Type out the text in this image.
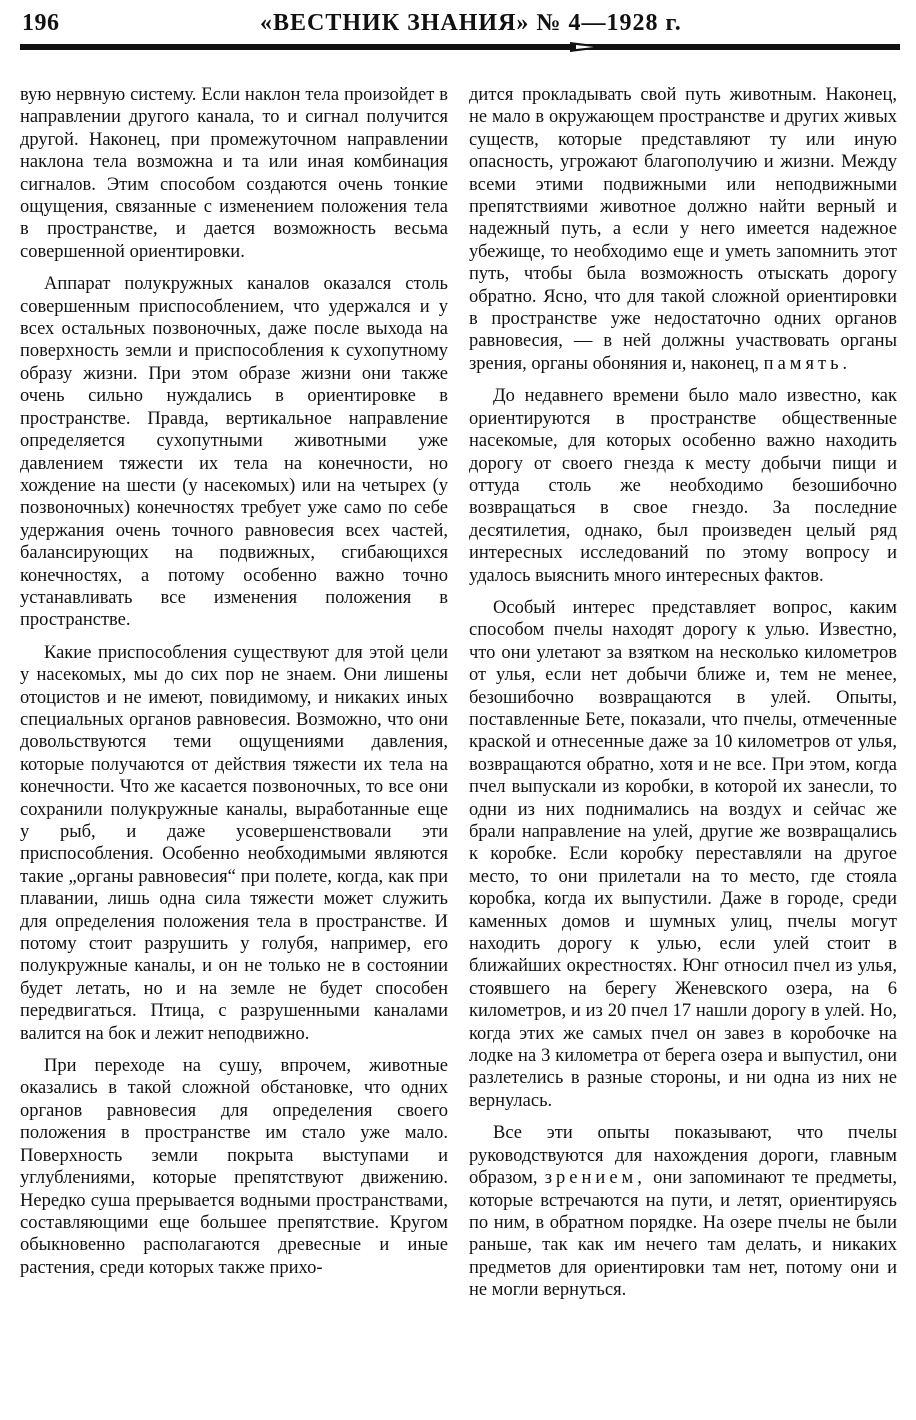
196	«ВЕСТНИК ЗНАНИЯ» № 4—1928 г.

вую нервную систему. Если наклон тела произойдет в направлении другого канала, то и сигнал получится другой. Наконец, при промежуточном направлении наклона тела возможна и та или иная комбинация сигналов. Этим способом создаются очень тонкие ощущения, связанные с изменением положения тела в пространстве, и дается возможность весьма совершенной ориентировки.

Аппарат полукружных каналов оказался столь совершенным приспособлением, что удержался и у всех остальных позвоночных, даже после выхода на поверхность земли и приспособления к сухопутному образу жизни. При этом образе жизни они также очень сильно нуждались в ориентировке в пространстве. Правда, вертикальное направление определяется сухопутными животными уже давлением тяжести их тела на конечности, но хождение на шести (у насекомых) или на четырех (у позвоночных) конечностях требует уже само по себе удержания очень точного равновесия всех частей, балансирующих на подвижных, сгибающихся конечностях, а потому особенно важно точно устанавливать все изменения положения в пространстве.

Какие приспособления существуют для этой цели у насекомых, мы до сих пор не знаем. Они лишены отоцистов и не имеют, повидимому, и никаких иных специальных органов равновесия. Возможно, что они довольствуются теми ощущениями давления, которые получаются от действия тяжести их тела на конечности. Что же касается позвоночных, то все они сохранили полукружные каналы, выработанные еще у рыб, и даже усовершенствовали эти приспособления. Особенно необходимыми являются такие „органы равновесия“ при полете, когда, как при плавании, лишь одна сила тяжести может служить для определения положения тела в пространстве. И потому стоит разрушить у голубя, например, его полукружные каналы, и он не только не в состоянии будет летать, но и на земле не будет способен передвигаться. Птица, с разрушенными каналами валится на бок и лежит неподвижно.

При переходе на сушу, впрочем, животные оказались в такой сложной обстановке, что одних органов равновесия для определения своего положения в пространстве им стало уже мало. Поверхность земли покрыта выступами и углублениями, которые препятствуют движению. Нередко суша прерывается водными пространствами, составляющими еще большее препятствие. Кругом обыкновенно располагаются древесные и иные растения, среди которых также прихо-

дится прокладывать свой путь животным. Наконец, не мало в окружающем пространстве и других живых существ, которые представляют ту или иную опасность, угрожают благополучию и жизни. Между всеми этими подвижными или неподвижными препятствиями животное должно найти верный и надежный путь, а если у него имеется надежное убежище, то необходимо еще и уметь запомнить этот путь, чтобы была возможность отыскать дорогу обратно. Ясно, что для такой сложной ориентировки в пространстве уже недостаточно одних органов равновесия, — в ней должны участвовать органы зрения, органы обоняния и, наконец, память.

До недавнего времени было мало известно, как ориентируются в пространстве общественные насекомые, для которых особенно важно находить дорогу от своего гнезда к месту добычи пищи и оттуда столь же необходимо безошибочно возвращаться в свое гнездо. За последние десятилетия, однако, был произведен целый ряд интересных исследований по этому вопросу и удалось выяснить много интересных фактов.

Особый интерес представляет вопрос, каким способом пчелы находят дорогу к улью. Известно, что они улетают за взятком на несколько километров от улья, если нет добычи ближе и, тем не менее, безошибочно возвращаются в улей. Опыты, поставленные Бете, показали, что пчелы, отмеченные краской и отнесенные даже за 10 километров от улья, возвращаются обратно, хотя и не все. При этом, когда пчел выпускали из коробки, в которой их занесли, то одни из них поднимались на воздух и сейчас же брали направление на улей, другие же возвращались к коробке. Если коробку переставляли на другое место, то они прилетали на то место, где стояла коробка, когда их выпустили. Даже в городе, среди каменных домов и шумных улиц, пчелы могут находить дорогу к улью, если улей стоит в ближайших окрестностях. Юнг относил пчел из улья, стоявшего на берегу Женевского озера, на 6 километров, и из 20 пчел 17 нашли дорогу в улей. Но, когда этих же самых пчел он завез в коробочке на лодке на 3 километра от берега озера и выпустил, они разлетелись в разные стороны, и ни одна из них не вернулась.

Все эти опыты показывают, что пчелы руководствуются для нахождения дороги, главным образом, зрением, они запоминают те предметы, которые встречаются на пути, и летят, ориентируясь по ним, в обратном порядке. На озере пчелы не были раньше, так как им нечего там делать, и никаких предметов для ориентировки там нет, потому они и не могли вернуться.
